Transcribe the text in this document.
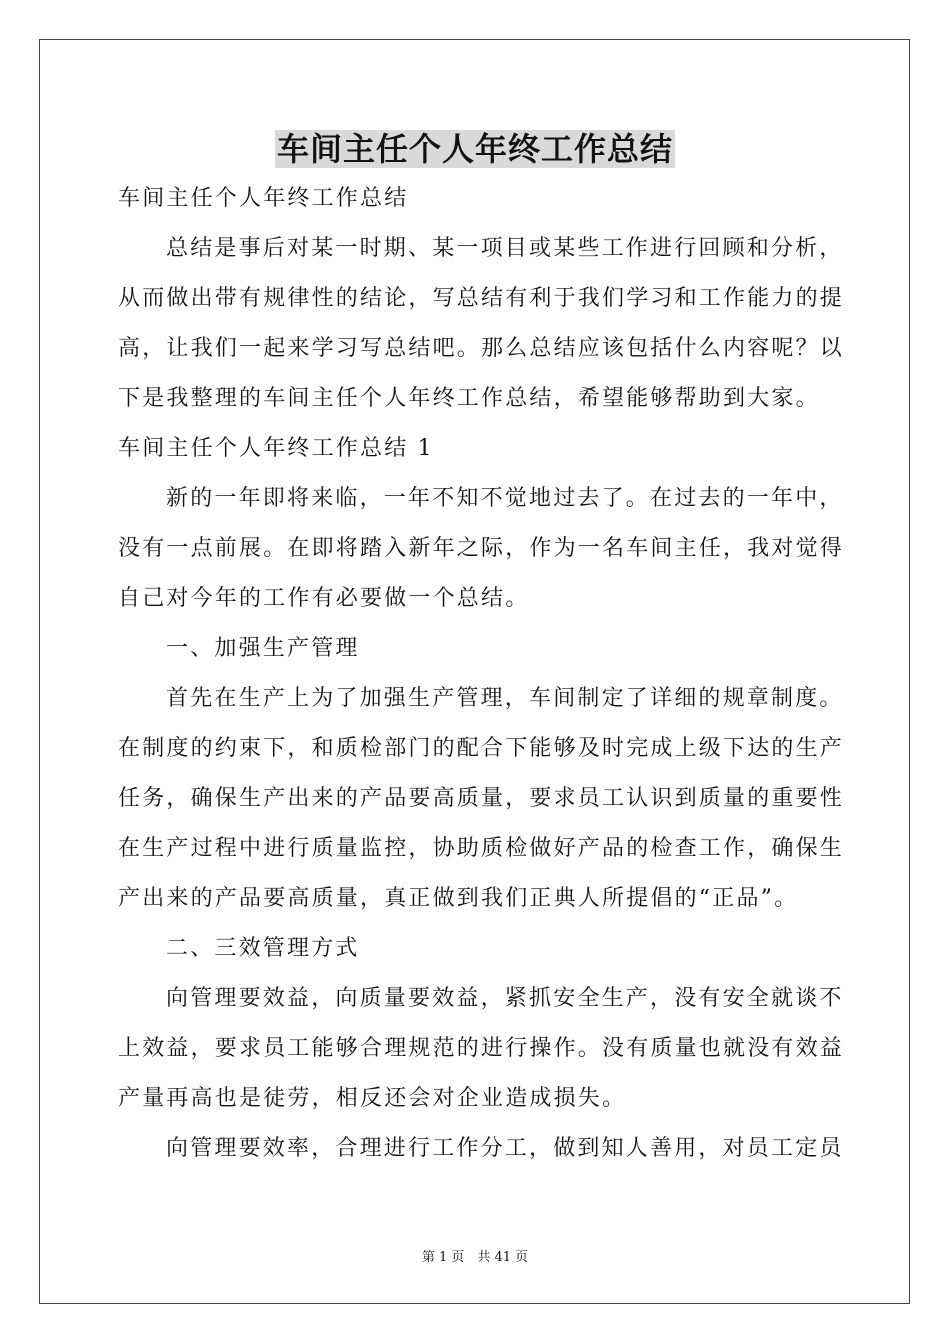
车间主任个人年终工作总结
车间主任个人年终工作总结
总结是事后对某一时期、某一项目或某些工作进行回顾和分析，
从而做出带有规律性的结论，写总结有利于我们学习和工作能力的提
高，让我们一起来学习写总结吧。那么总结应该包括什么内容呢？以
下是我整理的车间主任个人年终工作总结，希望能够帮助到大家。
车间主任个人年终工作总结 1
新的一年即将来临，一年不知不觉地过去了。在过去的一年中，
没有一点前展。在即将踏入新年之际，作为一名车间主任，我对觉得
自己对今年的工作有必要做一个总结。
一、加强生产管理
首先在生产上为了加强生产管理，车间制定了详细的规章制度。
在制度的约束下，和质检部门的配合下能够及时完成上级下达的生产
任务，确保生产出来的产品要高质量，要求员工认识到质量的重要性
在生产过程中进行质量监控，协助质检做好产品的检查工作，确保生
产出来的产品要高质量，真正做到我们正典人所提倡的“正品”。
二、三效管理方式
向管理要效益，向质量要效益，紧抓安全生产，没有安全就谈不
上效益，要求员工能够合理规范的进行操作。没有质量也就没有效益
产量再高也是徒劳，相反还会对企业造成损失。
向管理要效率，合理进行工作分工，做到知人善用，对员工定员
第 1 页　共 41 页
